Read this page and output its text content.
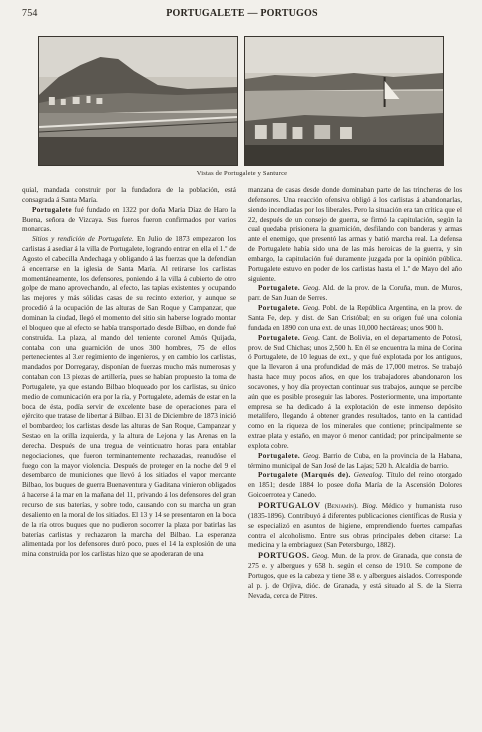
754	PORTUGALETE — PORTUGOS
Vistas de Portugalete y Santurce

quial, mandada construir por la fundadora de la población, está consagrada á Santa María.

Portugalete fué fundado en 1322 por doña María Díaz de Haro la Buena, señora de Vizcaya. Sus fueros fueron confirmados por varios monarcas.

Sitios y rendición de Portugalete. En Julio de 1873 empezaron los carlistas á asediar á la villa de Portugalete, logrando entrar en ella el 1.º de Agosto el cabecilla Andechaga y obligando á las fuerzas que la defendían á encerrarse en la iglesia de Santa María. Al retirarse los carlistas momentáneamente, los defensores, poniendo á la villa á cubierto de otro golpe de mano aprovechando, al efecto, las tapias existentes y ocupando las mejores y más sólidas casas de su recinto exterior, y aunque se procedió á la ocupación de las alturas de San Roque y Campanzar, que dominan la ciudad, llegó el momento del sitio sin haberse logrado montar el bloqueo que al efecto se había transportado desde Bilbao, en donde fué construída. La plaza, al mando del teniente coronel Amós Quijada, contaba con una guarnición de unos 300 hombres, 75 de ellos pertenecientes al 3.er regimiento de ingenieros, y en cambio los carlistas, mandados por Dorregaray, disponían de fuerzas mucho más numerosas y contaban con 13 piezas de artillería, pues se habían propuesto la toma de Portugalete, ya que estando Bilbao bloqueado por los carlistas, su único medio de comunicación era por la ría, y Portugalete, además de estar en la boca de ésta, podía servir de excelente base de operaciones para el ejército que tratase de libertar á Bilbao. El 31 de Diciembre de 1873 inició el bombardeo; los carlistas desde las alturas de San Roque, Campanzar y Sestao en la orilla izquierda, y la altura de Lejona y las Arenas en la derecha. Después de una tregua de veinticuatro horas para entablar negociaciones, que fueron terminantemente rechazadas, reanudóse el fuego con la mayor violencia. Después de proteger en la noche del 9 el desembarco de municiones que llevó á los sitiados el vapor mercante Bilbao, los buques de guerra Buenaventura y Gaditana vinieron obligados á hacerse á la mar en la mañana del 11, privando á los defensores del gran recurso de sus baterías, y sobre todo, causando con su marcha un gran desaliento en la moral de los sitiados. El 13 y 14 se presentaron en la boca de la ría otros buques que no pudieron socorrer la plaza por batirlas las baterías carlistas y rechazaron la marcha del Bilbao. La esperanza alimentada por los defensores duró poco, pues el 14 la explosión de una mina construída por los carlistas hizo que se apoderaran de una

manzana de casas desde donde dominaban parte de las trincheras de los defensores. Una reacción ofensiva obligó á los carlistas á abandonarlas, siendo incendiadas por los liberales. Pero la situación era tan crítica que el 22, después de un consejo de guerra, se firmó la capitulación, según la cual quedaba prisionera la guarnición, desfilando con banderas y armas ante el enemigo, que presentó las armas y batió marcha real. La defensa de Portugalete había sido una de las más heroicas de la guerra, y sin embargo, la capitulación fué duramente juzgada por la opinión pública. Portugalete estuvo en poder de los carlistas hasta el 1.º de Mayo del año siguiente.

Portugalete. Geog. Ald. de la prov. de la Coruña, mun. de Muros, parr. de San Juan de Serres.

Portugalete. Geog. Pobl. de la República Argentina, en la prov. de Santa Fe, dep. y dist. de San Cristóbal; en su origen fué una colonia fundada en 1890 con una ext. de unas 10,000 hectáreas; unos 900 h.

Portugalete. Geog. Cant. de Bolivia, en el departamento de Potosí, prov. de Sud Chichas; unos 2,500 h. En él se encuentra la mina de Corina ó Portugalete, de 10 leguas de ext., y que fué explotada por los antiguos, que la llevaron á una profundidad de más de 17,000 metros. Se trabajó hasta hace muy pocos años, en que los trabajadores abandonaron los socavones, y hoy día proyectan continuar sus trabajos, aunque se percibe aún que es posible proseguir las labores. Posteriormente, una importante empresa se ha dedicado á la explotación de este inmenso depósito metalífero, llegando á obtener grandes resultados, tanto en la cantidad como en la riqueza de los minerales que contiene; principalmente se extrae plata y estaño, en mayor ó menor cantidad; por principalmente se explota cobre.

Portugalete. Geog. Barrio de Cuba, en la provincia de la Habana, término municipal de San José de las Lajas; 520 h. Alcaldía de barrio.

Portugalete (Marqués de). Genealog. Título del reino otorgado en 1851; desde 1884 lo posee doña María de la Ascensión Dolores Goicoerrotea y Canedo.

PORTUGALOV (Benjamín). Biog. Médico y humanista ruso (1835-1896). Contribuyó á diferentes publicaciones científicas de Rusia y se especializó en asuntos de higiene, emprendiendo fuertes campañas contra el alcoholismo. Entre sus obras principales deben citarse: La medicina y la embriaguez (San Petersburgo, 1882).

PORTUGOS. Geog. Mun. de la prov. de Granada, que consta de 275 e. y albergues y 658 h. según el censo de 1910. Se compone de Portugos, que es la cabeza y tiene 38 e. y albergues aislados. Corresponde al p. j. de Orjiva, dióc. de Granada, y está situado al S. de la Sierra Nevada, cerca de Pitres.
